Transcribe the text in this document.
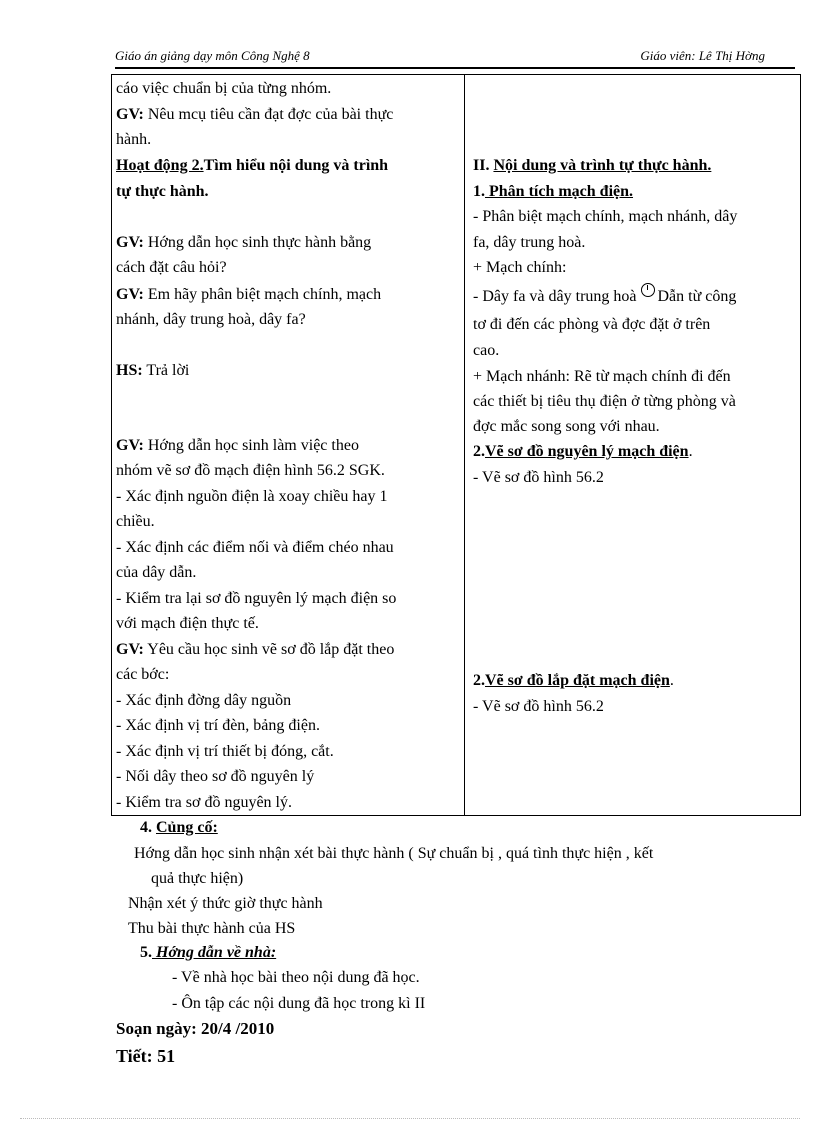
Giáo án giảng dạy môn Công Nghệ 8	Giáo viên: Lê Thị Hờng
cáo việc chuẩn bị của từng nhóm.
GV: Nêu mcụ tiêu cần đạt đợc của bài thực
hành.
Hoạt động 2.Tìm hiểu nội dung và trình
tự thực hành.
GV: Hớng dẫn học sinh thực hành bằng
cách đặt câu hỏi?
GV: Em hãy phân biệt mạch chính, mạch
nhánh, dây trung hoà, dây fa?
HS: Trả lời
GV: Hớng dẫn học sinh làm việc theo
nhóm vẽ sơ đồ mạch điện hình 56.2 SGK.
- Xác định nguồn điện là xoay chiều hay 1
chiều.
- Xác định các điểm nối và điểm chéo nhau
của dây dẫn.
- Kiểm tra lại sơ đồ nguyên lý mạch điện so
với mạch điện thực tế.
GV: Yêu cầu học sinh vẽ sơ đồ lắp đặt theo
các bớc:
- Xác định đờng dây nguồn
- Xác định vị trí đèn, bảng điện.
- Xác định vị trí thiết bị đóng, cắt.
- Nối dây theo sơ đồ nguyên lý
- Kiểm tra sơ đồ nguyên lý.
II. Nội dung và trình tự thực hành.
1. Phân tích mạch điện.
- Phân biệt mạch chính, mạch nhánh, dây
fa, dây trung hoà.
+ Mạch chính:
- Dây fa và dây trung hoà Dẫn từ công
tơ đi đến các phòng và đợc đặt ở trên
cao.
+ Mạch nhánh: Rẽ từ mạch chính đi đến
các thiết bị tiêu thụ điện ở từng phòng và
đợc mắc song song với nhau.
2.Vẽ sơ đồ nguyên lý mạch điện.
- Vẽ sơ đồ hình 56.2
2.Vẽ sơ đồ lắp đặt mạch điện.
- Vẽ sơ đồ hình 56.2
4. Củng cố:
Hớng dẫn học sinh nhận xét bài thực hành ( Sự chuẩn bị , quá tình thực hiện , kết
quả thực hiện)
Nhận xét ý thức giờ thực hành
Thu bài thực hành của HS
5. Hớng dẫn về nhà:
- Về nhà học bài theo nội dung đã học.
- Ôn tập các nội dung đã học trong kì II
Soạn ngày: 20/4 /2010
Tiết: 51
